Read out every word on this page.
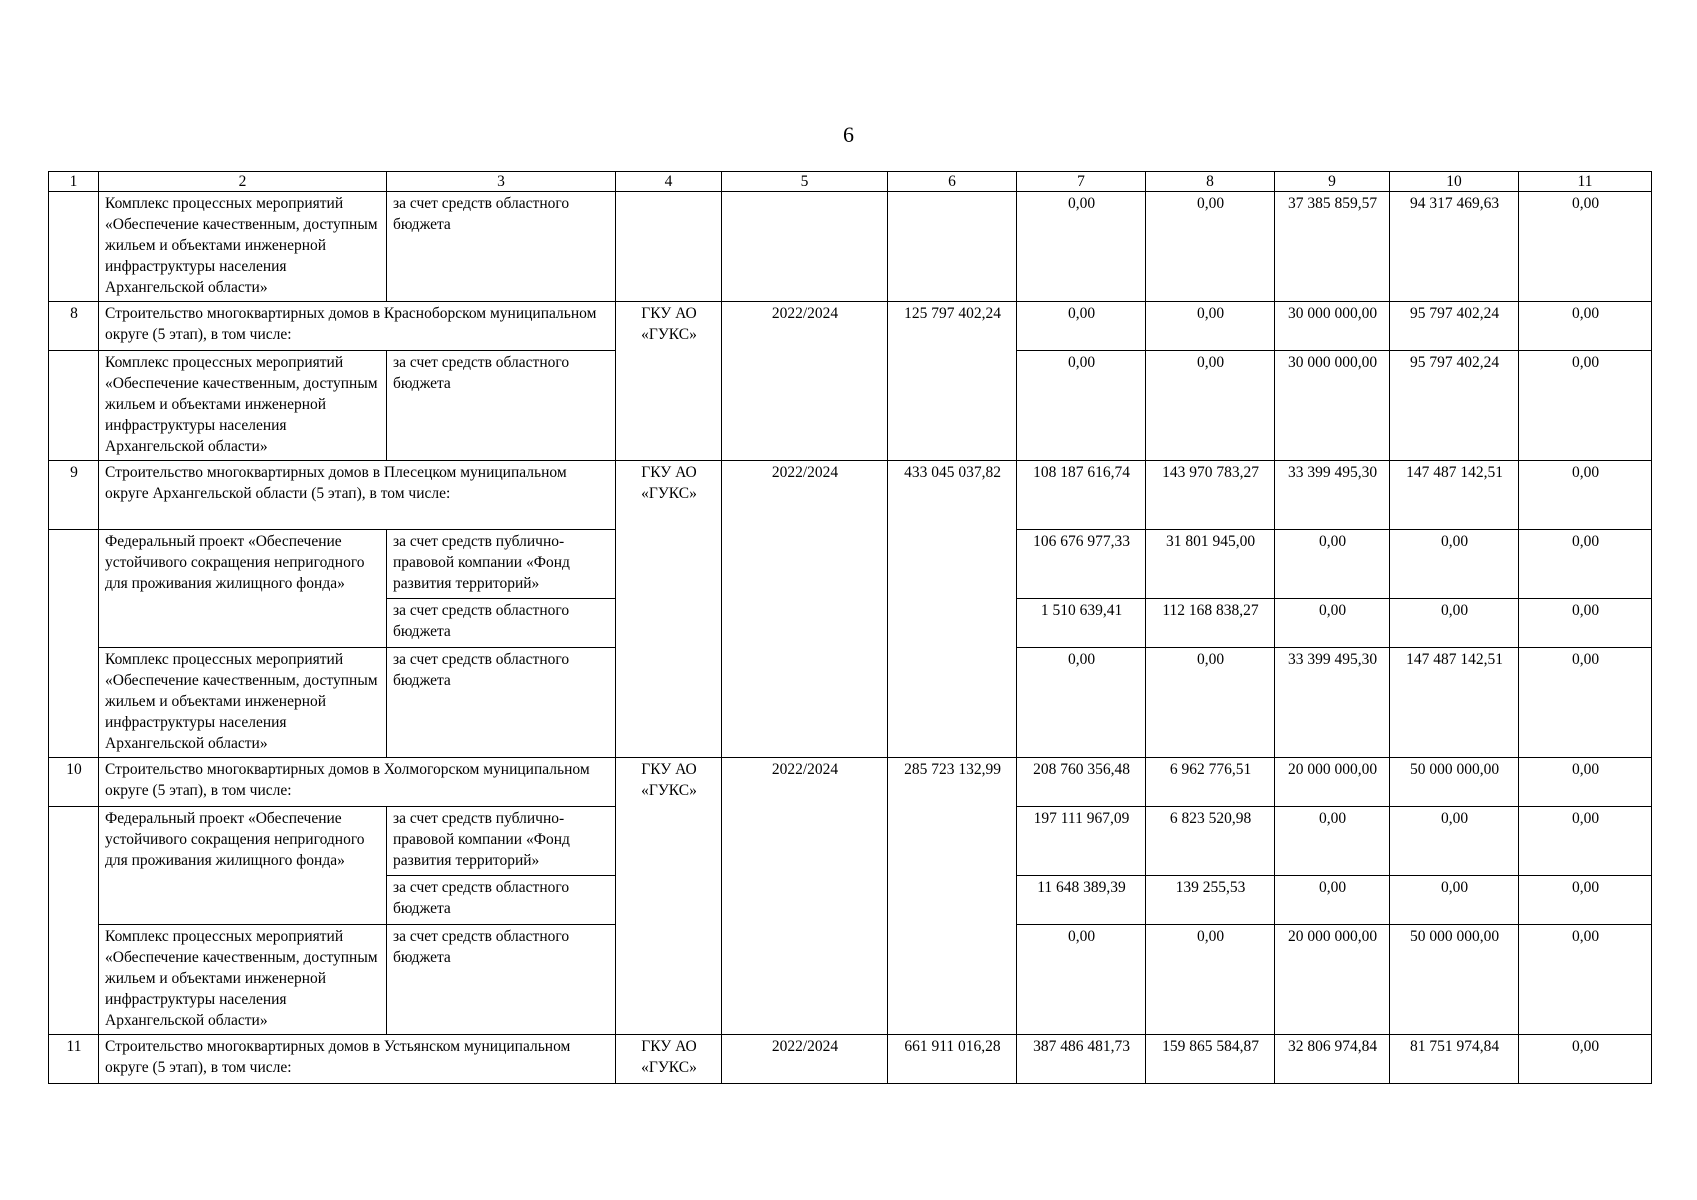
6
1	2	3	4	5	6	7	8	9	10	11
	Комплекс процессных мероприятий «Обеспечение качественным, доступным жильем и объектами инженерной инфраструктуры населения Архангельской области»	за счет средств областного бюджета				0,00	0,00	37 385 859,57	94 317 469,63	0,00
8	Строительство многоквартирных домов в Красноборском муниципальном округе (5 этап), в том числе:		ГКУ АО «ГУКС»	2022/2024	125 797 402,24	0,00	0,00	30 000 000,00	95 797 402,24	0,00
	Комплекс процессных мероприятий «Обеспечение качественным, доступным жильем и объектами инженерной инфраструктуры населения Архангельской области»	за счет средств областного бюджета				0,00	0,00	30 000 000,00	95 797 402,24	0,00
9	Строительство многоквартирных домов в Плесецком муниципальном округе Архангельской области (5 этап), в том числе:		ГКУ АО «ГУКС»	2022/2024	433 045 037,82	108 187 616,74	143 970 783,27	33 399 495,30	147 487 142,51	0,00
	Федеральный проект «Обеспечение устойчивого сокращения непригодного для проживания жилищного фонда»	за счет средств публично-правовой компании «Фонд развития территорий»				106 676 977,33	31 801 945,00	0,00	0,00	0,00
		за счет средств областного бюджета				1 510 639,41	112 168 838,27	0,00	0,00	0,00
	Комплекс процессных мероприятий «Обеспечение качественным, доступным жильем и объектами инженерной инфраструктуры населения Архангельской области»	за счет средств областного бюджета				0,00	0,00	33 399 495,30	147 487 142,51	0,00
10	Строительство многоквартирных домов в Холмогорском муниципальном округе (5 этап), в том числе:		ГКУ АО «ГУКС»	2022/2024	285 723 132,99	208 760 356,48	6 962 776,51	20 000 000,00	50 000 000,00	0,00
	Федеральный проект «Обеспечение устойчивого сокращения непригодного для проживания жилищного фонда»	за счет средств публично-правовой компании «Фонд развития территорий»				197 111 967,09	6 823 520,98	0,00	0,00	0,00
		за счет средств областного бюджета				11 648 389,39	139 255,53	0,00	0,00	0,00
	Комплекс процессных мероприятий «Обеспечение качественным, доступным жильем и объектами инженерной инфраструктуры населения Архангельской области»	за счет средств областного бюджета				0,00	0,00	20 000 000,00	50 000 000,00	0,00
11	Строительство многоквартирных домов в Устьянском муниципальном округе (5 этап), в том числе:		ГКУ АО «ГУКС»	2022/2024	661 911 016,28	387 486 481,73	159 865 584,87	32 806 974,84	81 751 974,84	0,00
